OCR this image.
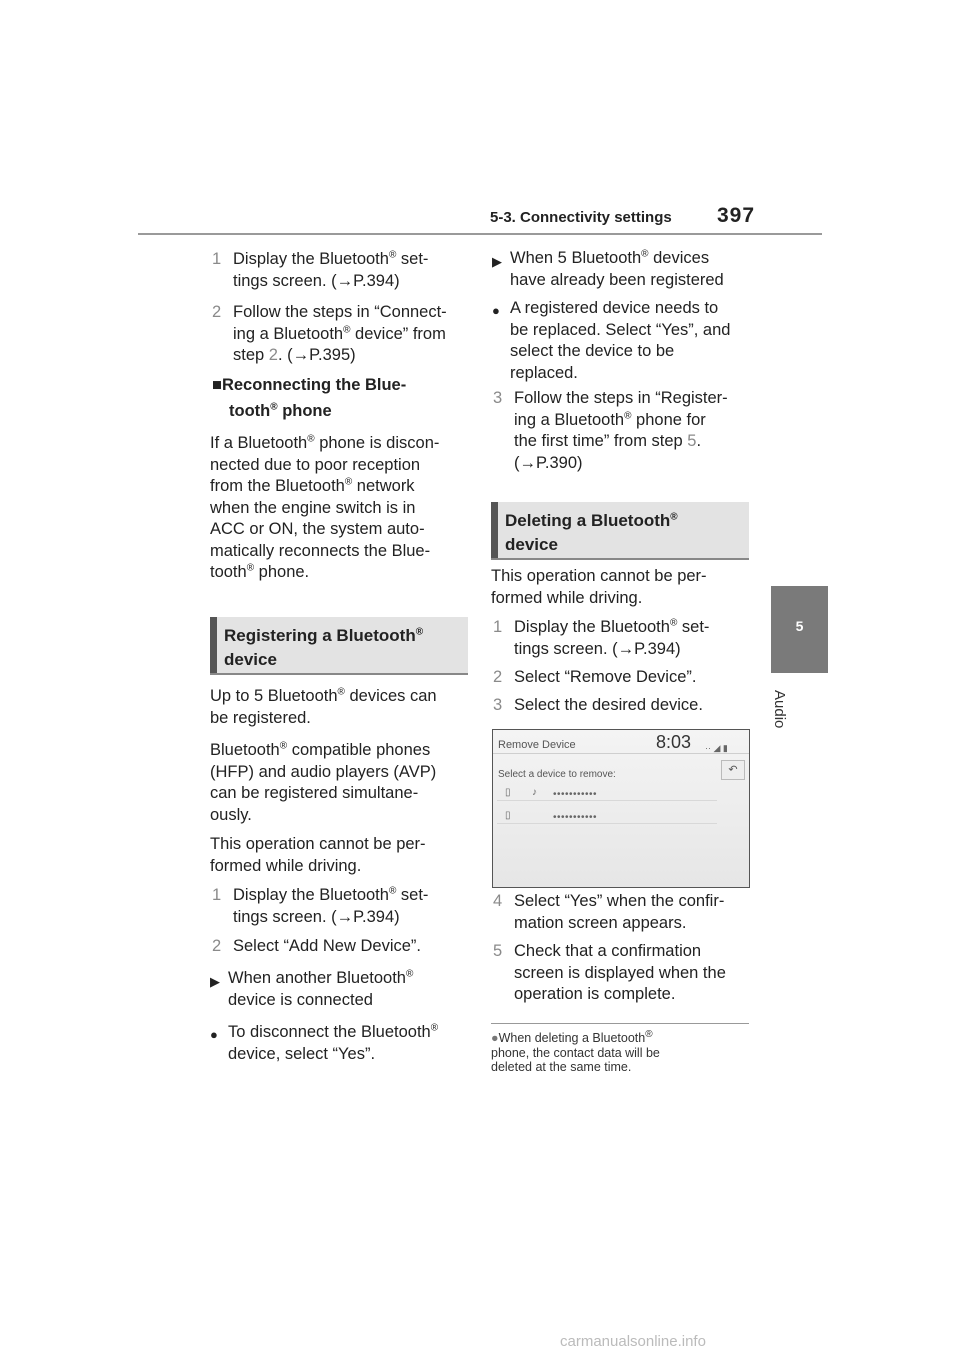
5-3. Connectivity settings 397
5
Audio
1 Display the Bluetooth® set-
tings screen. (→P.394)
2 Follow the steps in “Connect-
ing a Bluetooth® device” from
step 2. (→P.395)
■Reconnecting the Blue-
tooth® phone
If a Bluetooth® phone is discon-
nected due to poor reception
from the Bluetooth® network
when the engine switch is in
ACC or ON, the system auto-
matically reconnects the Blue-
tooth® phone.
Registering a Bluetooth®
device
Up to 5 Bluetooth® devices can
be registered.
Bluetooth® compatible phones
(HFP) and audio players (AVP)
can be registered simultane-
ously.
This operation cannot be per-
formed while driving.
1 Display the Bluetooth® set-
tings screen. (→P.394)
2 Select “Add New Device”.
▶ When another Bluetooth®
device is connected
● To disconnect the Bluetooth®
device, select “Yes”.
▶ When 5 Bluetooth® devices
have already been registered
● A registered device needs to
be replaced. Select “Yes”, and
select the device to be
replaced.
3 Follow the steps in “Register-
ing a Bluetooth® phone for
the first time” from step 5.
(→P.390)
Deleting a Bluetooth®
device
This operation cannot be per-
formed while driving.
1 Display the Bluetooth® set-
tings screen. (→P.394)
2 Select “Remove Device”.
3 Select the desired device.
Remove Device	8:03 ·· ◢ ▮
Select a device to remove:	↶
▯ ♪ •••••••••••
▯	•••••••••••
4 Select “Yes” when the confir-
mation screen appears.
5 Check that a confirmation
screen is displayed when the
operation is complete.
●When deleting a Bluetooth®
phone, the contact data will be
deleted at the same time.
carmanualsonline.info
